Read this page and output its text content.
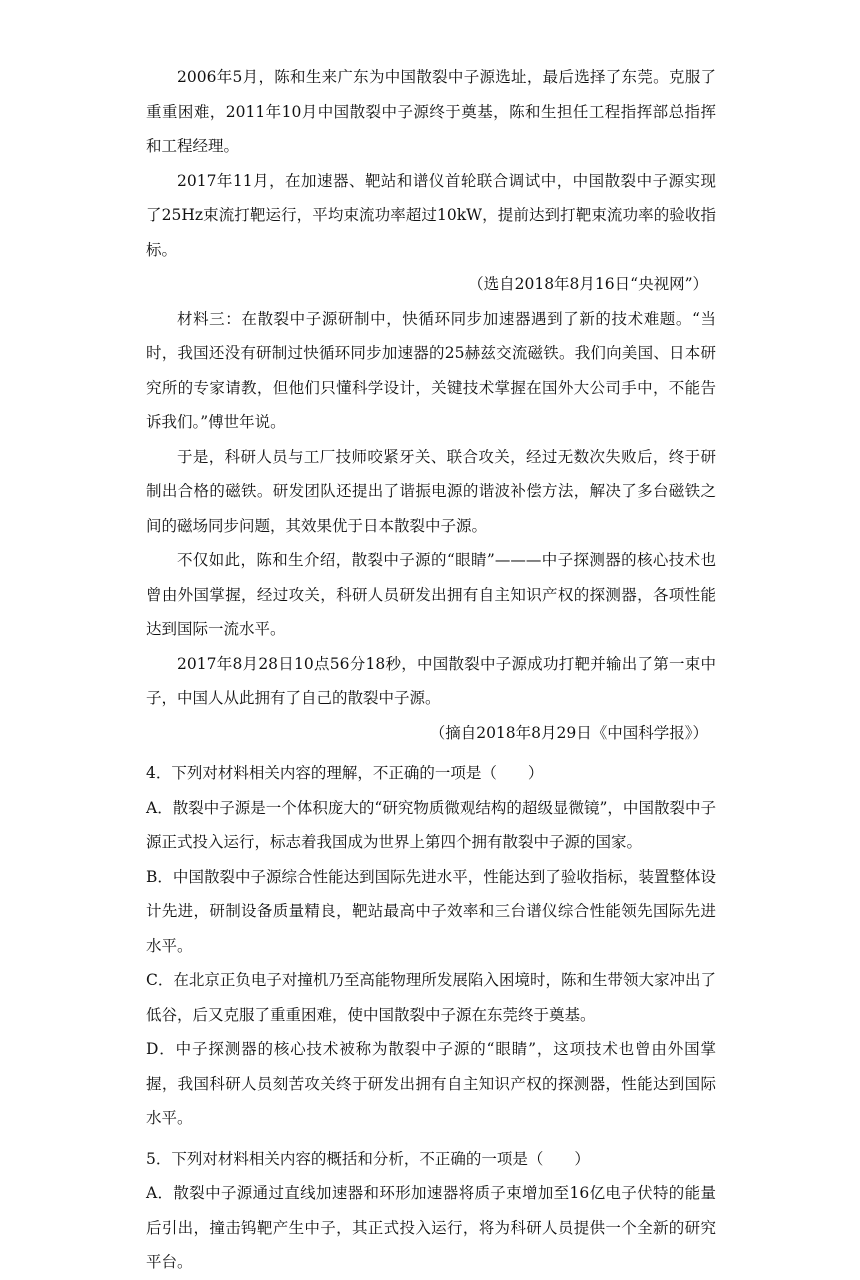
2006年5月，陈和生来广东为中国散裂中子源选址，最后选择了东莞。克服了重重困难，2011年10月中国散裂中子源终于奠基，陈和生担任工程指挥部总指挥和工程经理。

2017年11月，在加速器、靶站和谱仪首轮联合调试中，中国散裂中子源实现了25Hz束流打靶运行，平均束流功率超过10kW，提前达到打靶束流功率的验收指标。

（选自2018年8月16日“央视网”）

材料三：在散裂中子源研制中，快循环同步加速器遇到了新的技术难题。“当时，我国还没有研制过快循环同步加速器的25赫兹交流磁铁。我们向美国、日本研究所的专家请教，但他们只懂科学设计，关键技术掌握在国外大公司手中，不能告诉我们。”傅世年说。

于是，科研人员与工厂技师咬紧牙关、联合攻关，经过无数次失败后，终于研制出合格的磁铁。研发团队还提出了谐振电源的谐波补偿方法，解决了多台磁铁之间的磁场同步问题，其效果优于日本散裂中子源。

不仅如此，陈和生介绍，散裂中子源的“眼睛”———中子探测器的核心技术也曾由外国掌握，经过攻关，科研人员研发出拥有自主知识产权的探测器，各项性能达到国际一流水平。

2017年8月28日10点56分18秒，中国散裂中子源成功打靶并输出了第一束中子，中国人从此拥有了自己的散裂中子源。

（摘自2018年8月29日《中国科学报》）

4．下列对材料相关内容的理解，不正确的一项是（　　）

A．散裂中子源是一个体积庞大的“研究物质微观结构的超级显微镜”，中国散裂中子源正式投入运行，标志着我国成为世界上第四个拥有散裂中子源的国家。

B．中国散裂中子源综合性能达到国际先进水平，性能达到了验收指标，装置整体设计先进，研制设备质量精良，靶站最高中子效率和三台谱仪综合性能领先国际先进水平。

C．在北京正负电子对撞机乃至高能物理所发展陷入困境时，陈和生带领大家冲出了低谷，后又克服了重重困难，使中国散裂中子源在东莞终于奠基。

D．中子探测器的核心技术被称为散裂中子源的“眼睛”，这项技术也曾由外国掌握，我国科研人员刻苦攻关终于研发出拥有自主知识产权的探测器，性能达到国际水平。

5．下列对材料相关内容的概括和分析，不正确的一项是（　　）

A．散裂中子源通过直线加速器和环形加速器将质子束增加至16亿电子伏特的能量后引出，撞击钨靶产生中子，其正式投入运行，将为科研人员提供一个全新的研究平台。
